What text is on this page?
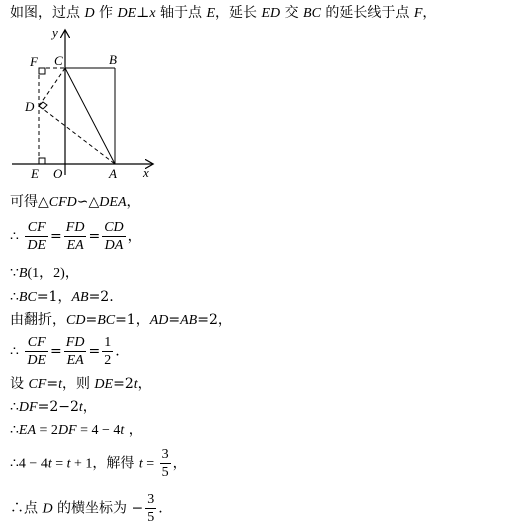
如图，过点 D 作 DE⊥x 轴于点 E，延长 ED 交 BC 的延长线于点 F，
y
x
F C	B
D
E O	A
可得△CFD∽△DEA，
∴ $\frac{CF}{DE} = \frac{FD}{EA} = \frac{CD}{DA}$ ，
∵B(1，2)，
∴BC=1，AB=2.
由翻折，CD=BC=1，AD=AB=2，
∴ $\frac{CF}{DE} = \frac{FD}{EA} = \frac{1}{2}$ .
设 CF=t，则 DE=2t，
∴DF=2−2t，
∴EA = 2DF = 4 − 4t ，
∴4 − 4t = t + 1，解得 $t = \frac{3}{5}$ ，
∴点 D 的横坐标为 − $\frac{3}{5}$ .
